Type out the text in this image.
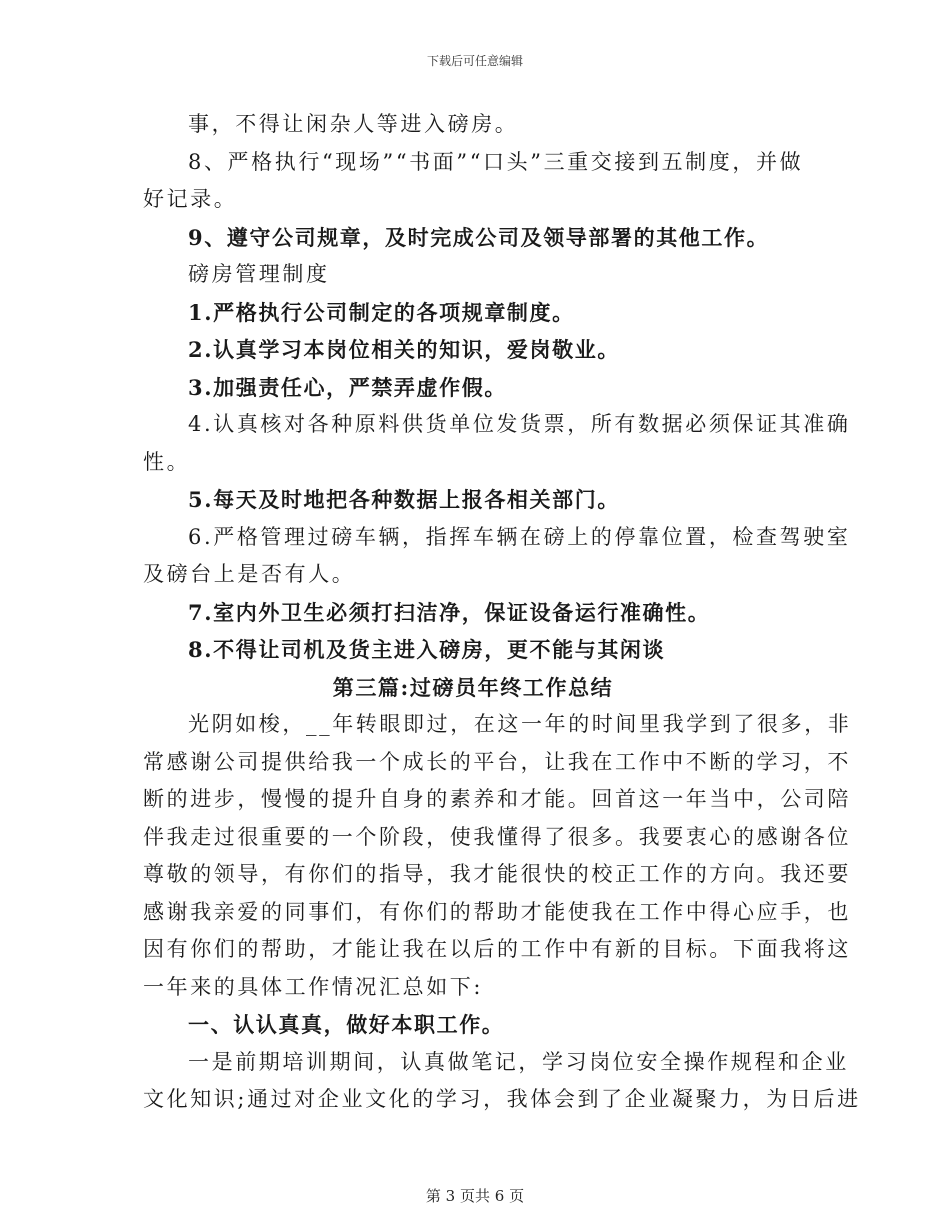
下载后可任意编辑
事，不得让闲杂人等进入磅房。
8、严格执行“现场”“书面”“口头”三重交接到五制度，并做
好记录。
9、遵守公司规章，及时完成公司及领导部署的其他工作。
磅房管理制度
1.严格执行公司制定的各项规章制度。
2.认真学习本岗位相关的知识，爱岗敬业。
3.加强责任心，严禁弄虚作假。
4.认真核对各种原料供货单位发货票，所有数据必须保证其准确
性。
5.每天及时地把各种数据上报各相关部门。
6.严格管理过磅车辆，指挥车辆在磅上的停靠位置，检查驾驶室
及磅台上是否有人。
7.室内外卫生必须打扫洁净，保证设备运行准确性。
8.不得让司机及货主进入磅房，更不能与其闲谈
第三篇:过磅员年终工作总结
光阴如梭，__年转眼即过，在这一年的时间里我学到了很多，非
常感谢公司提供给我一个成长的平台，让我在工作中不断的学习，不
断的进步，慢慢的提升自身的素养和才能。回首这一年当中，公司陪
伴我走过很重要的一个阶段，使我懂得了很多。我要衷心的感谢各位
尊敬的领导，有你们的指导，我才能很快的校正工作的方向。我还要
感谢我亲爱的同事们，有你们的帮助才能使我在工作中得心应手，也
因有你们的帮助，才能让我在以后的工作中有新的目标。下面我将这
一年来的具体工作情况汇总如下:
一、认认真真，做好本职工作。
一是前期培训期间，认真做笔记，学习岗位安全操作规程和企业
文化知识;通过对企业文化的学习，我体会到了企业凝聚力，为日后进
第 3 页共 6 页
